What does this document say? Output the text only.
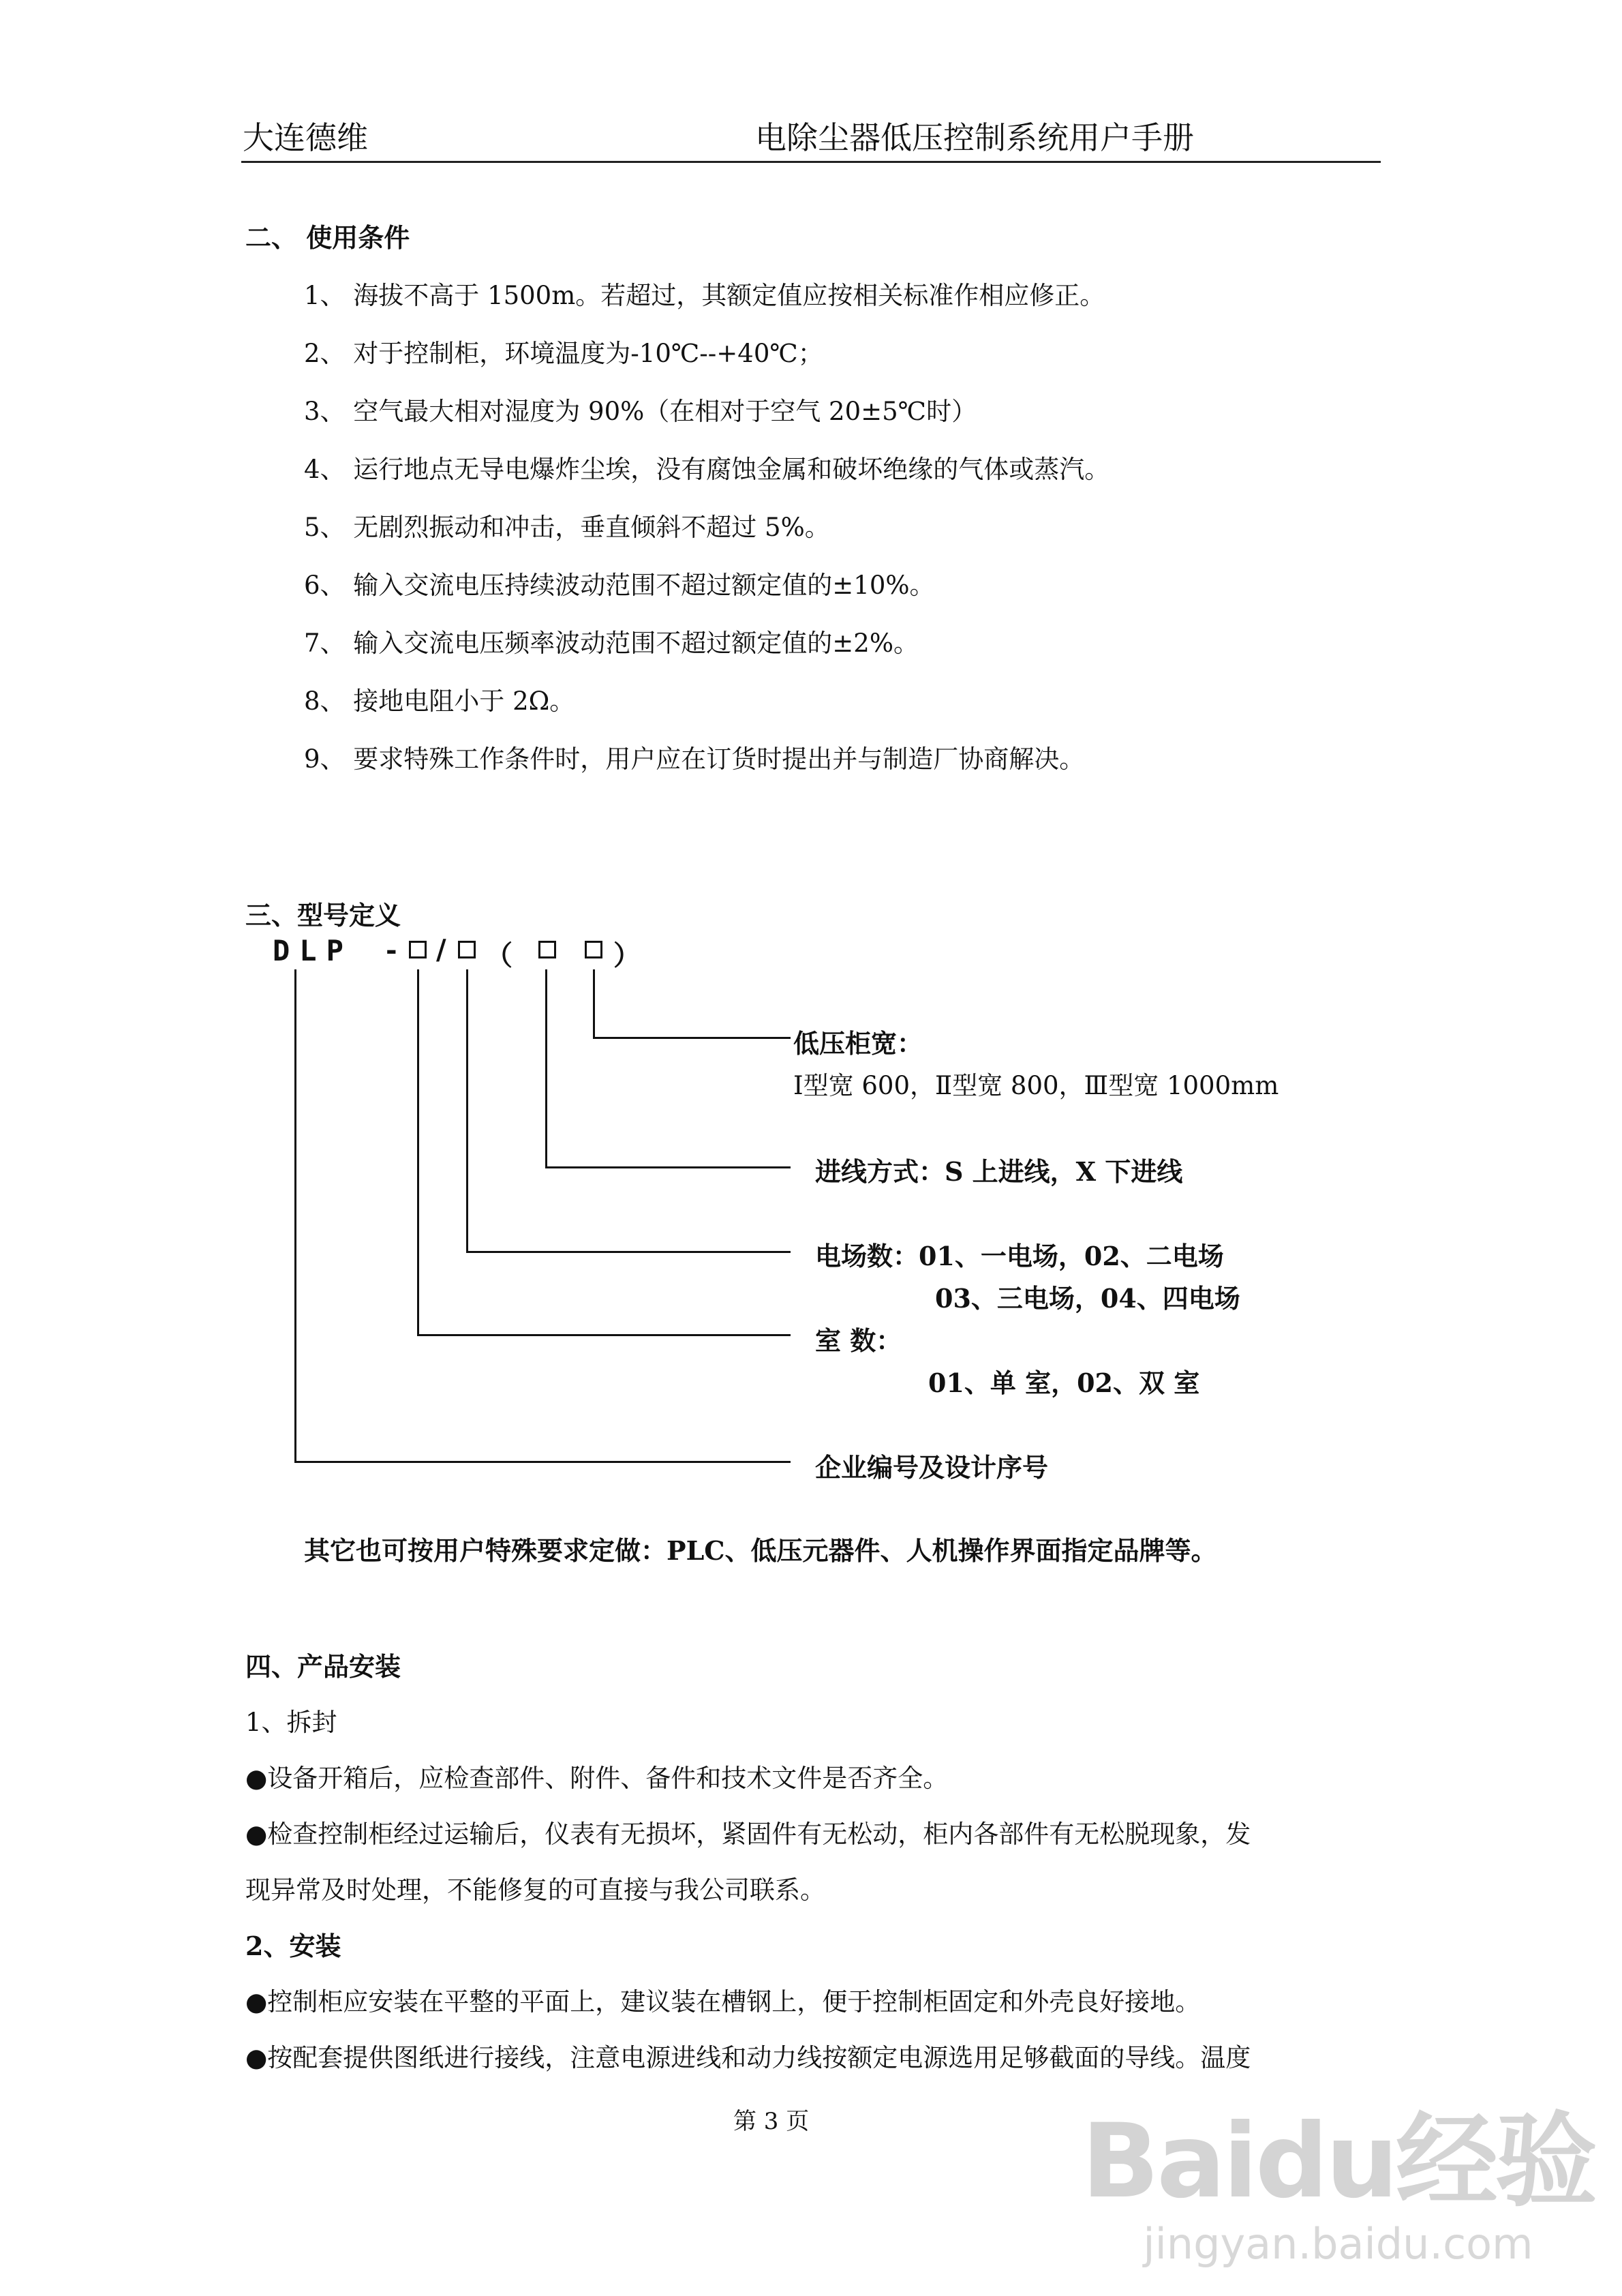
大连德维	电除尘器低压控制系统用户手册
二、 使用条件
1、 海拔不高于 1500m。若超过，其额定值应按相关标准作相应修正。
2、 对于控制柜，环境温度为-10℃--+40℃；
3、 空气最大相对湿度为 90%（在相对于空气 20±5℃时）
4、 运行地点无导电爆炸尘埃，没有腐蚀金属和破坏绝缘的气体或蒸汽。
5、 无剧烈振动和冲击，垂直倾斜不超过 5%。
6、 输入交流电压持续波动范围不超过额定值的±10%。
7、 输入交流电压频率波动范围不超过额定值的±2%。
8、 接地电阻小于 2Ω。
9、 要求特殊工作条件时，用户应在订货时提出并与制造厂协商解决。
三、型号定义
DLP - / （	）
低压柜宽：
Ⅰ型宽 600，Ⅱ型宽 800，Ⅲ型宽 1000mm
进线方式：S 上进线，X 下进线
电场数：01、一电场，02、二电场
03、三电场，04、四电场
室 数：
01、单 室，02、双 室
企业编号及设计序号
其它也可按用户特殊要求定做：PLC、低压元器件、人机操作界面指定品牌等。
四、产品安装
1、拆封
●设备开箱后，应检查部件、附件、备件和技术文件是否齐全。
●检查控制柜经过运输后，仪表有无损坏，紧固件有无松动，柜内各部件有无松脱现象，发
现异常及时处理，不能修复的可直接与我公司联系。
2、安装
●控制柜应安装在平整的平面上，建议装在槽钢上，便于控制柜固定和外壳良好接地。
●按配套提供图纸进行接线，注意电源进线和动力线按额定电源选用足够截面的导线。温度
第 3 页	Baidu经验
jingyan.baidu.com
